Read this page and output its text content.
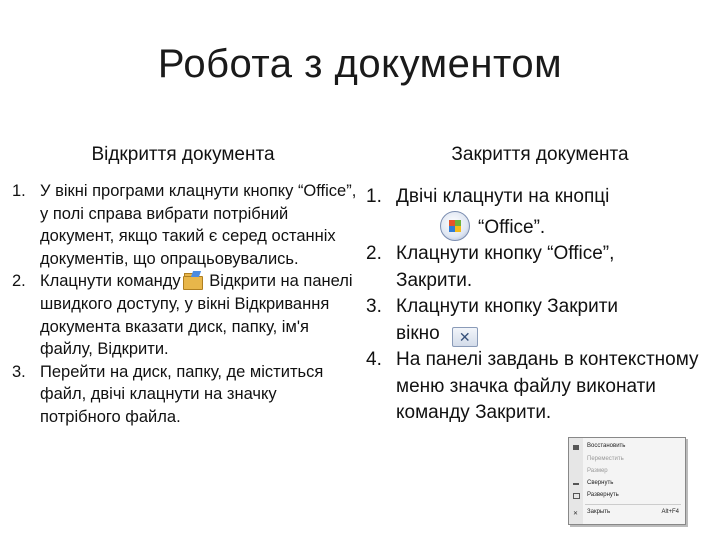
Робота з документом
Відкриття документа	Закриття документа
1. У вікні програми клацнути кнопку “Office”, у полі справа вибрати потрібний документ, якщо такий є серед останніх документів, що опрацьовувались.
2. Клацнути команду Відкрити на панелі швидкого доступу, у вікні Відкривання документа вказати диск, папку, ім'я файлу, Відкрити.
3. Перейти на диск, папку, де міститься файл, двічі клацнути на значку потрібного файла.
1. Двічі клацнути на кнопці
“Office”.
2. Клацнути кнопку “Office”,
Закрити.
3. Клацнути кнопку Закрити
вікно ✕
4. На панелі завдань в контекстному меню значка файлу виконати команду Закрити.
Восстановить
Переместить
Размер
Свернуть
Развернуть
✕ Закрыть	Alt+F4
